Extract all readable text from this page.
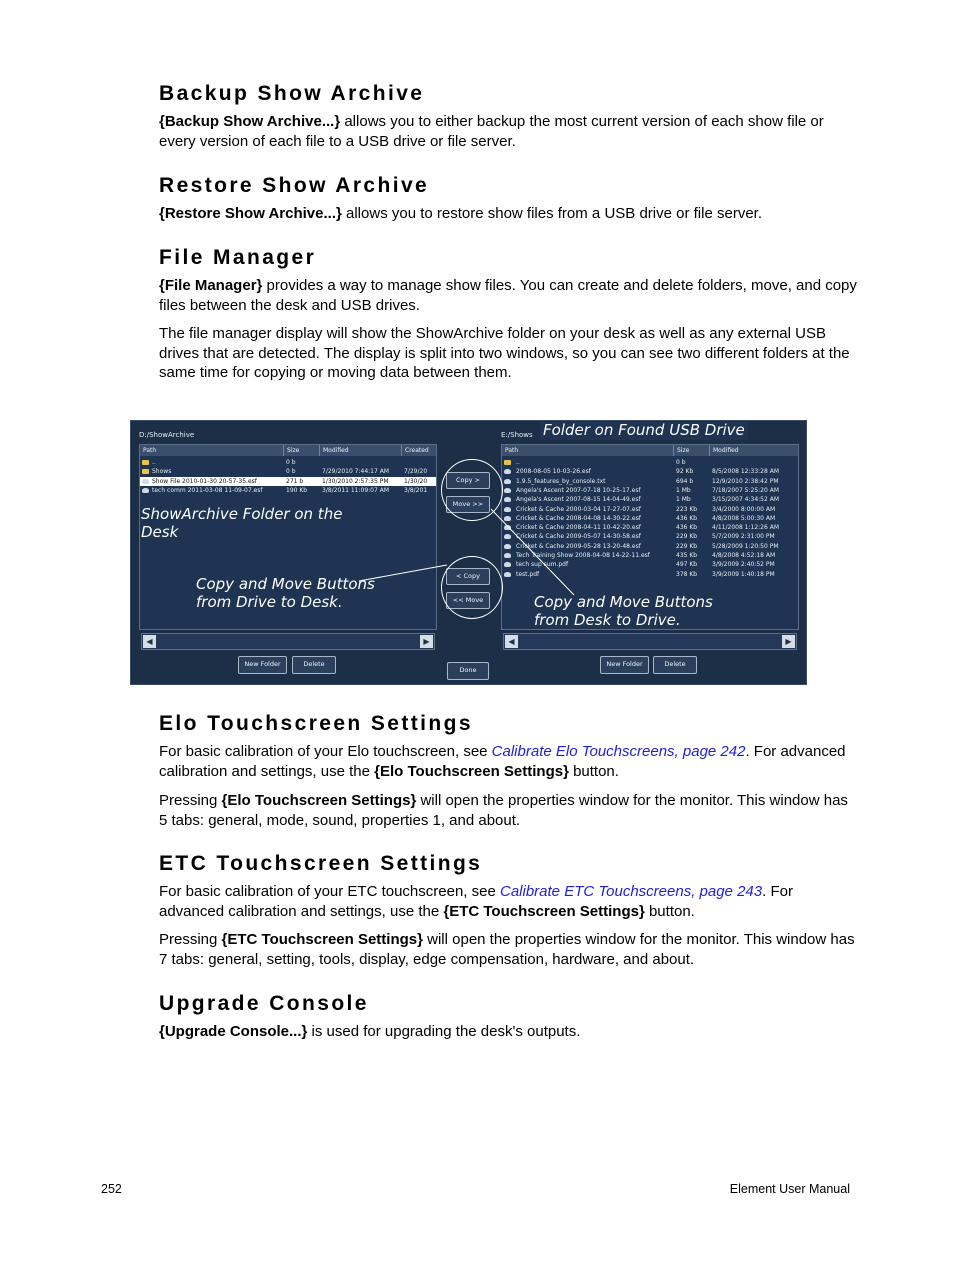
Backup Show Archive

{Backup Show Archive...} allows you to either backup the most current version of each show file or every version of each file to a USB drive or file server.

Restore Show Archive

{Restore Show Archive...} allows you to restore show files from a USB drive or file server.

File Manager

{File Manager} provides a way to manage show files. You can create and delete folders, move, and copy files between the desk and USB drives.

The file manager display will show the ShowArchive folder on your desk as well as any external USB drives that are detected. The display is split into two windows, so you can see two different folders at the same time for copying or moving data between them.

D:/ShowArchive	E:/Shows
Path	Size	Modified	Created
..	0 b
Shows	0 b	7/29/2010 7:44:17 AM	7/29/20
Show File 2010-01-30 20-57-35.esf	271 b	1/30/2010 2:57:35 PM	1/30/20
tech comm 2011-03-08 11-09-07.esf	190 Kb	3/8/2011 11:09:07 AM	3/8/201
Path	Size	Modified
..	0 b
2008-08-05 10-03-26.esf	92 Kb	8/5/2008 12:33:28 AM
1.9.5_features_by_console.txt	694 b	12/9/2010 2:38:42 PM
Angela's Ascent 2007-07-18 10-25-17.esf	1 Mb	7/18/2007 5:25:20 AM
Angela's Ascent 2007-08-15 14-04-49.esf	1 Mb	3/15/2007 4:34:52 AM
Cricket & Cache 2000-03-04 17-27-07.esf	223 Kb	3/4/2000 8:00:00 AM
Cricket & Cache 2008-04-08 14-30-22.esf	436 Kb	4/8/2008 5:00:30 AM
Cricket & Cache 2008-04-11 10-42-20.esf	436 Kb	4/11/2008 1:12:26 AM
Cricket & Cache 2009-05-07 14-30-58.esf	229 Kb	5/7/2009 2:31:00 PM
Cricket & Cache 2009-05-28 13-20-48.esf	229 Kb	5/28/2009 1:20:50 PM
Tech Training Show 2008-04-08 14-22-11.esf	435 Kb	4/8/2008 4:52:18 AM
tech sup sum.pdf	497 Kb	3/9/2009 2:40:52 PM
test.pdf	378 Kb	3/9/2009 1:40:18 PM
◀	▶	◀	▶
Copy >
Move >>
< Copy
<< Move
New Folder	Delete
Done
New Folder	Delete
Folder on Found USB Drive
ShowArchive Folder on the Desk
Copy and Move Buttons from Drive to Desk.	Copy and Move Buttons from Desk to Drive.
Elo Touchscreen Settings

For basic calibration of your Elo touchscreen, see Calibrate Elo Touchscreens, page 242. For advanced calibration and settings, use the {Elo Touchscreen Settings} button.

Pressing {Elo Touchscreen Settings} will open the properties window for the monitor. This window has 5 tabs: general, mode, sound, properties 1, and about.

ETC Touchscreen Settings

For basic calibration of your ETC touchscreen, see Calibrate ETC Touchscreens, page 243. For advanced calibration and settings, use the {ETC Touchscreen Settings} button.

Pressing {ETC Touchscreen Settings} will open the properties window for the monitor. This window has 7 tabs: general, setting, tools, display, edge compensation, hardware, and about.

Upgrade Console

{Upgrade Console...} is used for upgrading the desk's outputs.

252	Element User Manual
